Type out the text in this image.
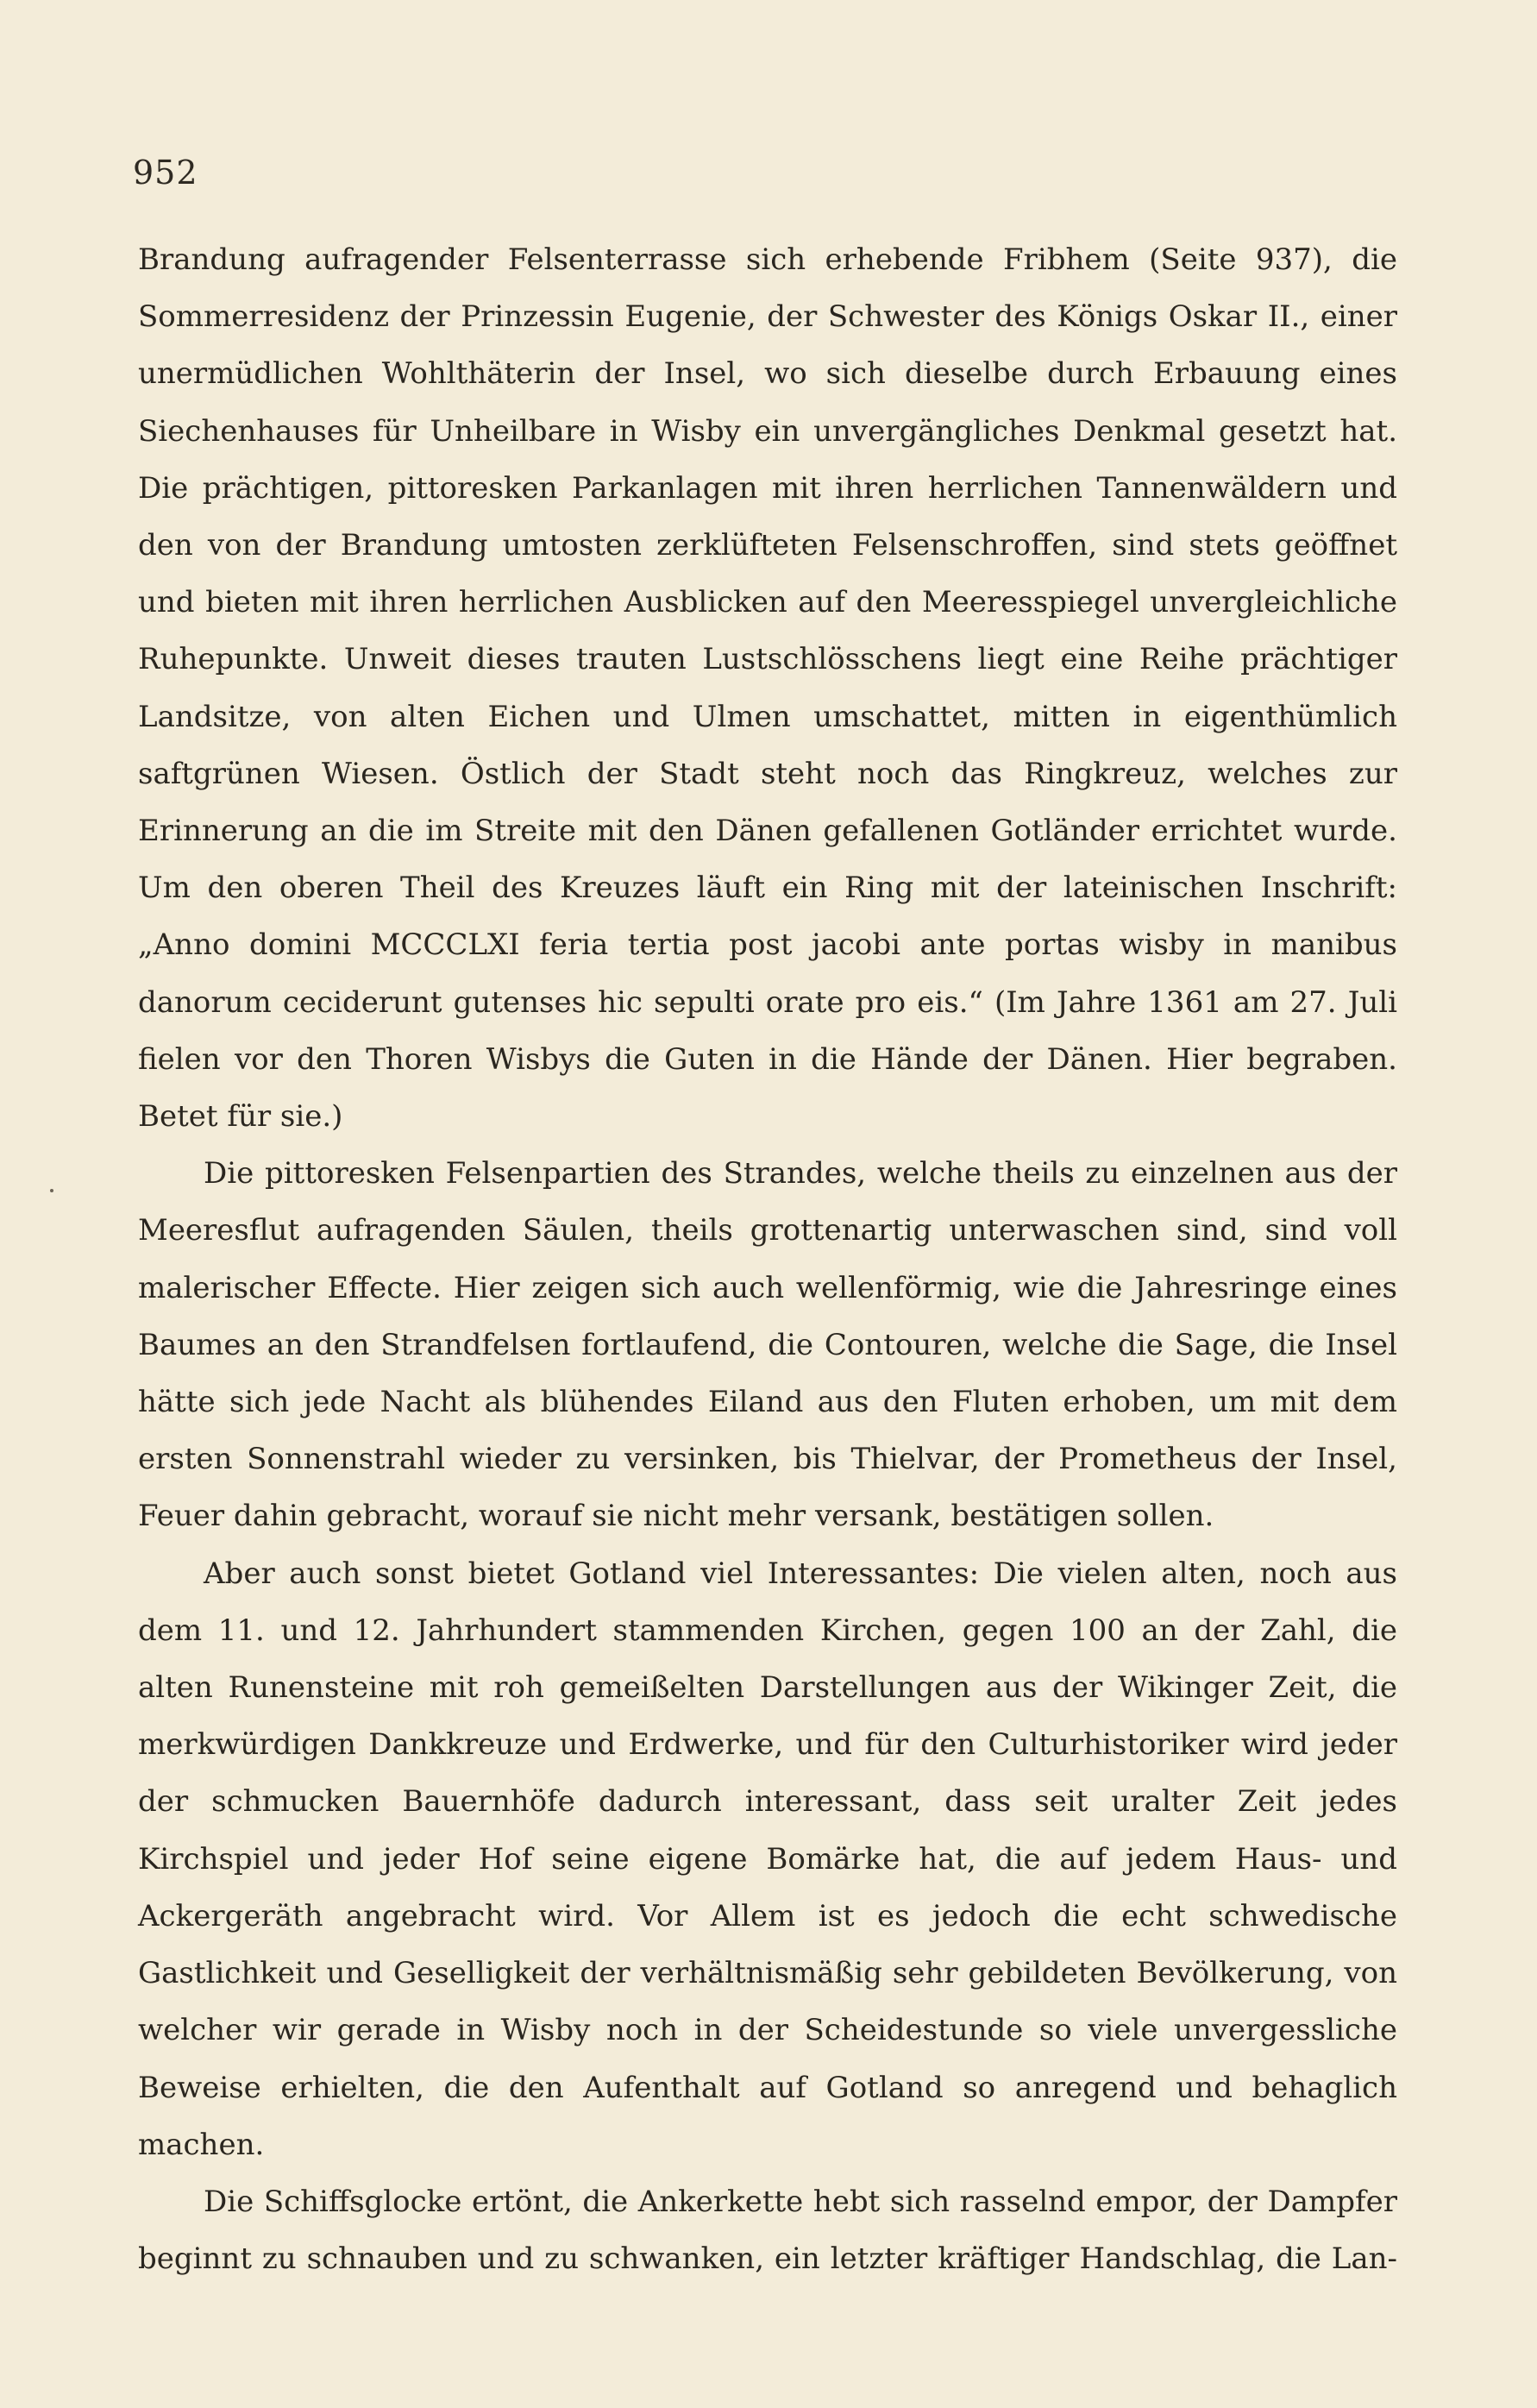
952

Brandung aufragender Felsenterrasse sich erhebende Fribhem (Seite 937), die Sommerresidenz der Prinzessin Eugenie, der Schwester des Königs Oskar II., einer unermüdlichen Wohlthäterin der Insel, wo sich dieselbe durch Erbauung eines Siechenhauses für Unheilbare in Wisby ein unvergängliches Denkmal gesetzt hat. Die prächtigen, pittoresken Parkanlagen mit ihren herrlichen Tannenwäldern und den von der Brandung umtosten zerklüfteten Felsenschroffen, sind stets geöffnet und bieten mit ihren herrlichen Ausblicken auf den Meeresspiegel unvergleichliche Ruhepunkte. Unweit dieses trauten Lustschlösschens liegt eine Reihe prächtiger Landsitze, von alten Eichen und Ulmen umschattet, mitten in eigenthümlich saftgrünen Wiesen. Östlich der Stadt steht noch das Ringkreuz, welches zur Erinnerung an die im Streite mit den Dänen gefallenen Gotländer errichtet wurde. Um den oberen Theil des Kreuzes läuft ein Ring mit der lateinischen Inschrift: „Anno domini MCCCLXI feria tertia post jacobi ante portas wisby in manibus danorum ceciderunt gutenses hic sepulti orate pro eis.“ (Im Jahre 1361 am 27. Juli fielen vor den Thoren Wisbys die Guten in die Hände der Dänen. Hier begraben. Betet für sie.)

Die pittoresken Felsenpartien des Strandes, welche theils zu einzelnen aus der Meeresflut aufragenden Säulen, theils grottenartig unterwaschen sind, sind voll malerischer Effecte. Hier zeigen sich auch wellenförmig, wie die Jahresringe eines Baumes an den Strandfelsen fortlaufend, die Contouren, welche die Sage, die Insel hätte sich jede Nacht als blühendes Eiland aus den Fluten erhoben, um mit dem ersten Sonnenstrahl wieder zu versinken, bis Thielvar, der Prometheus der Insel, Feuer dahin gebracht, worauf sie nicht mehr versank, bestätigen sollen.

Aber auch sonst bietet Gotland viel Interessantes: Die vielen alten, noch aus dem 11. und 12. Jahrhundert stammenden Kirchen, gegen 100 an der Zahl, die alten Runensteine mit roh gemeißelten Darstellungen aus der Wikinger Zeit, die merkwürdigen Dankkreuze und Erdwerke, und für den Culturhistoriker wird jeder der schmucken Bauernhöfe dadurch interessant, dass seit uralter Zeit jedes Kirchspiel und jeder Hof seine eigene Bomärke hat, die auf jedem Haus- und Ackergeräth angebracht wird. Vor Allem ist es jedoch die echt schwedische Gastlichkeit und Geselligkeit der verhältnismäßig sehr gebildeten Bevölkerung, von welcher wir gerade in Wisby noch in der Scheidestunde so viele unvergessliche Beweise erhielten, die den Aufenthalt auf Gotland so anregend und behaglich machen.

Die Schiffsglocke ertönt, die Ankerkette hebt sich rasselnd empor, der Dampfer beginnt zu schnauben und zu schwanken, ein letzter kräftiger Handschlag, die Lan-
